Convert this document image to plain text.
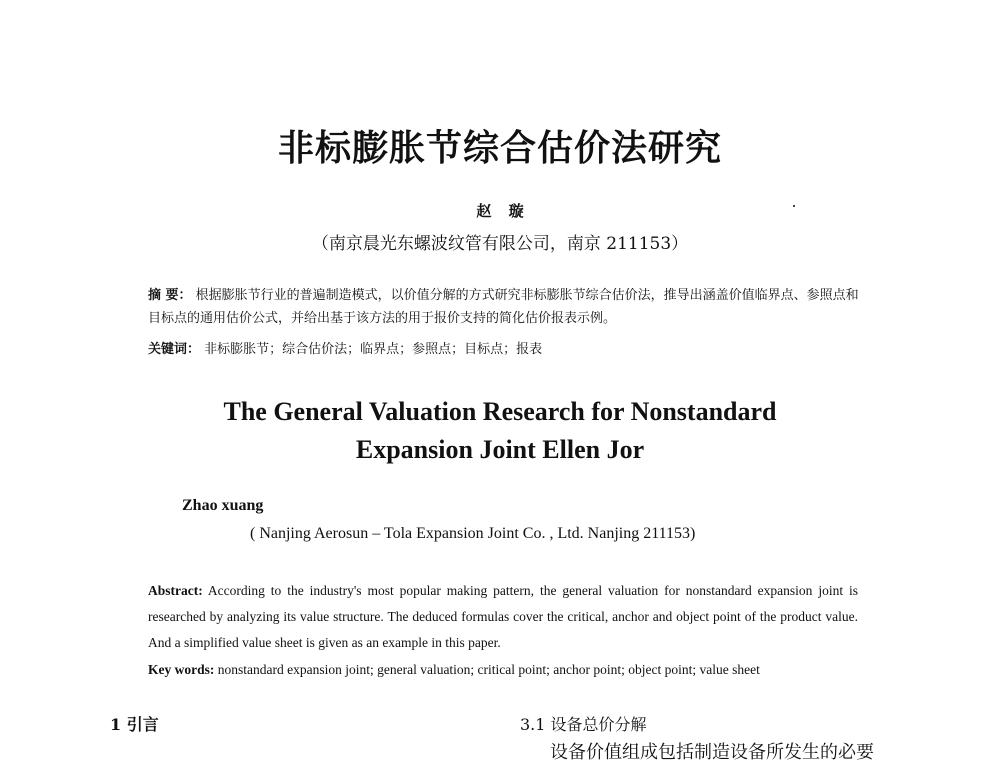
非标膨胀节综合估价法研究
赵 璇
（南京晨光东螺波纹管有限公司，南京 211153）
摘 要： 根据膨胀节行业的普遍制造模式，以价值分解的方式研究非标膨胀节综合估价法，推导出涵盖价值临界点、参照点和目标点的通用估价公式，并给出基于该方法的用于报价支持的简化估价报表示例。
关键词： 非标膨胀节；综合估价法；临界点；参照点；目标点；报表
The General Valuation Research for Nonstandard
Expansion Joint Ellen Jor
Zhao xuang
( Nanjing Aerosun – Tola Expansion Joint Co. , Ltd. Nanjing 211153)
Abstract: According to the industry's most popular making pattern, the general valuation for nonstandard expansion joint is researched by analyzing its value structure. The deduced formulas cover the critical, anchor and object point of the product value. And a simplified value sheet is given as an example in this paper.
Key words: nonstandard expansion joint; general valuation; critical point; anchor point; object point; value sheet
1 引言	3.1 设备总价分解
设备价值组成包括制造设备所发生的必要
